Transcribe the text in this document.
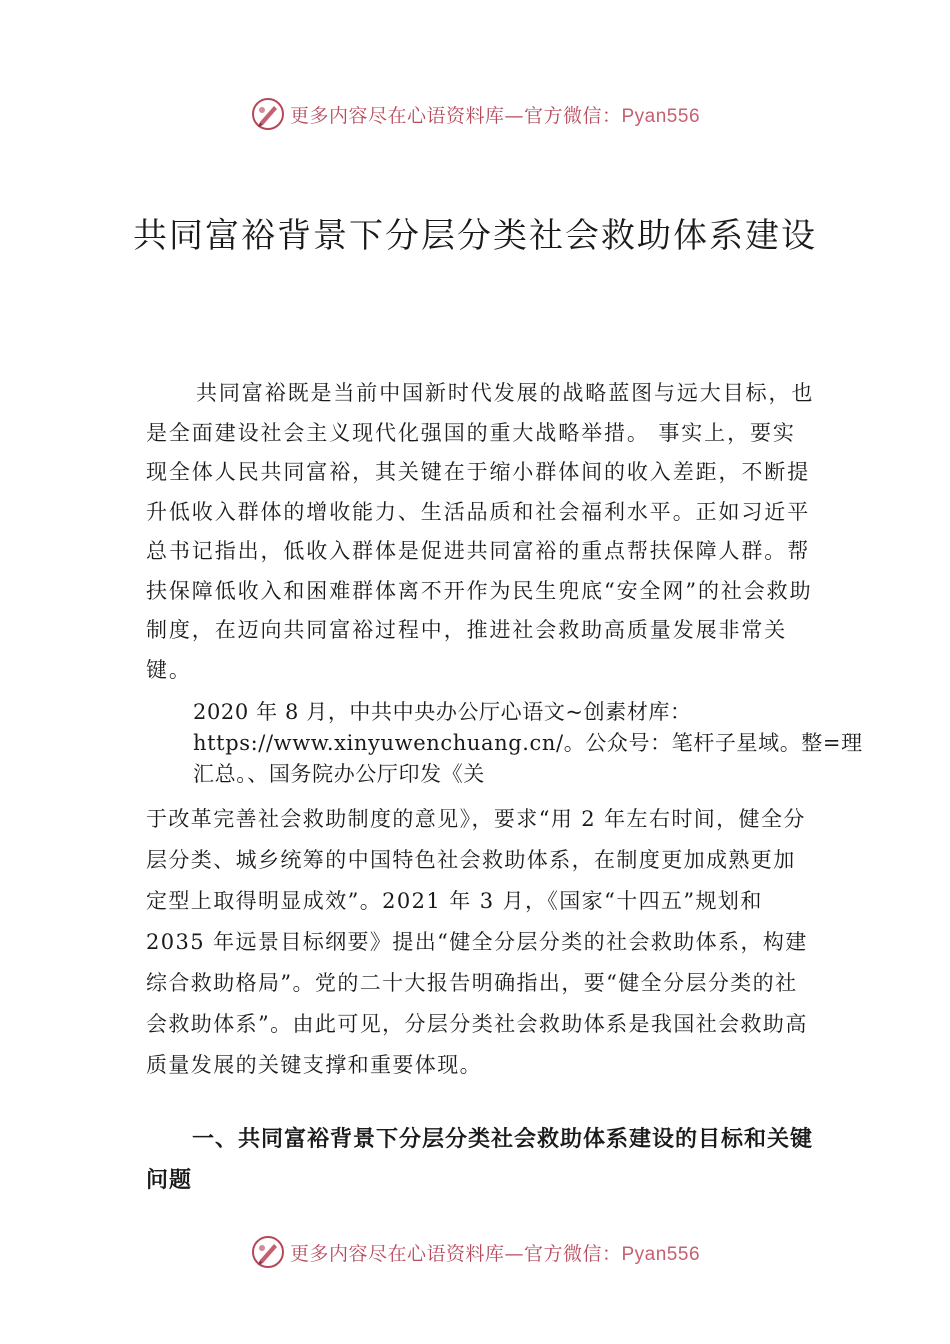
更多内容尽在心语资料库—官方微信：Pyan556
共同富裕背景下分层分类社会救助体系建设

共同富裕既是当前中国新时代发展的战略蓝图与远大目标，也是全面建设社会主义现代化强国的重大战略举措。 事实上，要实现全体人民共同富裕，其关键在于缩小群体间的收入差距，不断提升低收入群体的增收能力、生活品质和社会福利水平。正如习近平总书记指出，低收入群体是促进共同富裕的重点帮扶保障人群。帮扶保障低收入和困难群体离不开作为民生兜底“安全网”的社会救助制度，在迈向共同富裕过程中，推进社会救助高质量发展非常关键。

2020 年 8 月，中共中央办公厅心语文~创素材库：https://www.xinyuwenchuang.cn/。公众号：笔杆子星域。整=理汇总。、国务院办公厅印发《关

于改革完善社会救助制度的意见》，要求“用 2 年左右时间，健全分层分类、城乡统筹的中国特色社会救助体系，在制度更加成熟更加定型上取得明显成效”。2021 年 3 月，《国家“十四五”规划和 2035 年远景目标纲要》提出“健全分层分类的社会救助体系，构建综合救助格局”。党的二十大报告明确指出，要“健全分层分类的社会救助体系”。由此可见，分层分类社会救助体系是我国社会救助高质量发展的关键支撑和重要体现。

一、共同富裕背景下分层分类社会救助体系建设的目标和关键问题
更多内容尽在心语资料库—官方微信：Pyan556
